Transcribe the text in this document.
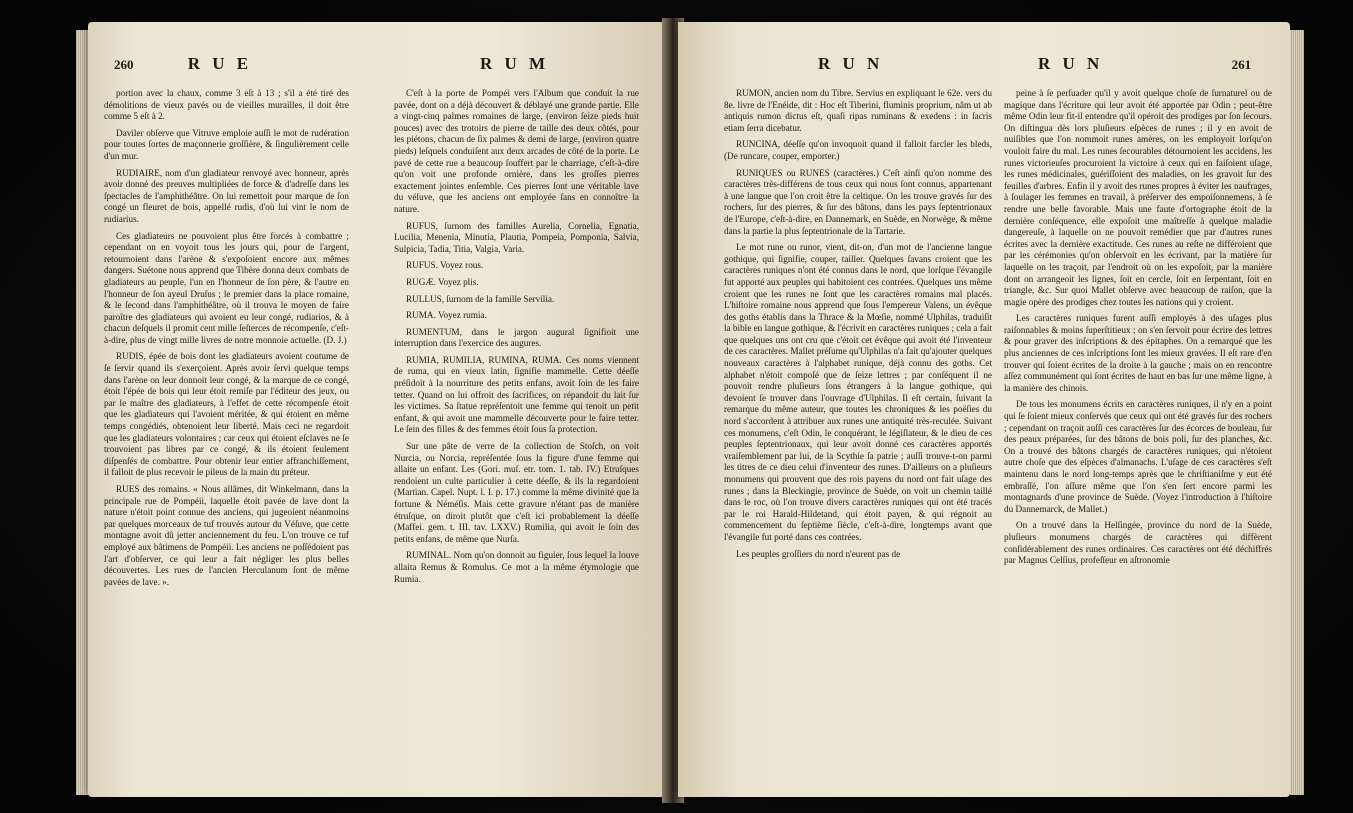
260	R U E	R U M

portion avec la chaux, comme 3 eſt à 13 ; s'il a été tiré des démolitions de vieux pavés ou de vieilles murailles, il doit être comme 5 eſt à 2.

Daviler obſerve que Vitruve emploie auſſi le mot de rudération pour toutes ſortes de maçonnerie groſſière, & ſingulièrement celle d'un mur.

RUDIAIRE, nom d'un gladiateur renvoyé avec honneur, après avoir donné des preuves multipliées de force & d'adreſſe dans les ſpectacles de l'amphithéâtre. On lui remettoit pour marque de ſon congé un fleuret de bois, appellé rudis, d'où lui vint le nom de rudiarius.

Ces gladiateurs ne pouvoient plus être forcés à combattre ; cependant on en voyoit tous les jours qui, pour de l'argent, retournoient dans l'arène & s'expoſoient encore aux mêmes dangers. Suétone nous apprend que Tibère donna deux combats de gladiateurs au peuple, l'un en l'honneur de ſon père, & l'autre en l'honneur de ſon ayeul Druſus ; le premier dans la place romaine, & le ſecond dans l'amphithéâtre, où il trouva le moyen de faire paroître des gladiateurs qui avoient eu leur congé, rudiarios, & à chacun deſquels il promit cent mille ſeſterces de récompenſe, c'eſt-à-dire, plus de vingt mille livres de notre monnoie actuelle. (D. J.)

RUDIS, épée de bois dont les gladiateurs avoient coutume de ſe ſervir quand ils s'exerçoient. Après avoir ſervi quelque temps dans l'arène on leur donnoit leur congé, & la marque de ce congé, étoit l'épée de bois qui leur étoit remiſe par l'éditeur des jeux, ou par le maître des gladiateurs, à l'effet de cette récompenſe étoit que les gladiateurs qui l'avoient méritée, & qui étoient en même temps congédiés, obtenoient leur liberté. Mais ceci ne regardoit que les gladiateurs volontaires ; car ceux qui étoient eſclaves ne ſe trouvoient pas libres par ce congé, & ils étoient ſeulement diſpenſés de combattre. Pour obtenir leur entier affranchiſſement, il falloit de plus recevoir le pileus de la main du préteur.

RUES des romains. « Nous allâmes, dit Winkelmann, dans la principale rue de Pompéii, laquelle étoit pavée de lave dont la nature n'étoit point connue des anciens, qui jugeoient néanmoins par quelques morceaux de tuf trouvés autour du Véſuve, que cette montagne avoit dû jetter anciennement du feu. L'on trouve ce tuf employé aux bâtimens de Pompéii. Les anciens ne poſſédoient pas l'art d'obſerver, ce qui leur a fait négliger les plus belles découvertes. Les rues de l'ancien Herculanum ſont de même pavées de lave. ».

C'eſt à la porte de Pompéi vers l'Album que conduit la rue pavée, dont on a déjà découvert & déblayé une grande partie. Elle a vingt-cinq palmes romaines de large, (environ ſeize pieds huit pouces) avec des trotoirs de pierre de taille des deux côtés, pour les piétons, chacun de ſix palmes & demi de large, (environ quatre pieds) leſquels conduiſent aux deux arcades de côté de la porte. Le pavé de cette rue a beaucoup ſouffert par le charriage, c'eſt-à-dire qu'on voit une profonde ornière, dans les groſſes pierres exactement jointes enſemble. Ces pierres ſont une véritable lave du véſuve, que les anciens ont employée ſans en connoître la nature.

RUFUS, ſurnom des familles Aurelia, Cornelia, Egnatia, Lucilia, Menenia, Minutia, Plautia, Pompeia, Pomponia, Salvia, Sulpicia, Tadia, Titia, Valgia, Varia.

RUFUS. Voyez rous.

RUGÆ. Voyez plis.

RULLUS, ſurnom de la famille Servilia.

RUMA. Voyez rumia.

RUMENTUM, dans le jargon augural ſignifioit une interruption dans l'exercice des augures.

RUMIA, RUMILIA, RUMINA, RUMA. Ces noms viennent de ruma, qui en vieux latin, ſignifie mammelle. Cette déeſſe préſidoit à la nourriture des petits enfans, avoit ſoin de les faire tetter. Quand on lui offroit des ſacrifices, on répandoit du lait ſur les victimes. Sa ſtatue repréſentoit une femme qui tenoit un petit enfant, & qui avoit une mammelle découverte pour le faire tetter. Le ſein des filles & des femmes étoit ſous ſa protection.

Sur une pâte de verre de la collection de Stoſch, on voit Nurcia, ou Norcia, repréſentée ſous la figure d'une femme qui allaite un enfant. Les (Gori. muſ. etr. tom. 1. tab. IV.) Etruſques rendoient un culte particulier à cette déeſſe, & ils la regardoient (Martian. Capel. Nupt. l. I. p. 17.) comme la même divinité que la fortune & Néméſis. Mais cette gravure n'étant pas de manière étruſque, on diroit plutôt que c'eſt ici probablement la déeſſe (Maffei. gem. t. III. tav. LXXV.) Rumilia, qui avoit le ſoin des petits enfans, de même que Nurſa.

RUMINAL. Nom qu'on donnoit au figuier, ſous lequel la louve allaita Remus & Romulus. Ce mot a la même étymologie que Rumia.

R U N	R U N	261

RUMON, ancien nom du Tibre. Servius en expliquant le 62e. vers du 8e. livre de l'Enéide, dit : Hoc eſt Tiberini, fluminis proprium, nâm ut ab antiquis rumon dictus eſt, quaſi ripas ruminans & exedens : in ſacris etiam ſerra dicebatur.

RUNCINA, déeſſe qu'on invoquoit quand il falloit farcler les bleds, (De runcare, couper, emporter.)

RUNIQUES ou RUNES (caractères.) C'eſt ainſi qu'on nomme des caractères très-différens de tous ceux qui nous ſont connus, appartenant à une langue que l'on croit être la celtique. On les trouve gravés ſur des rochers, ſur des pierres, & ſur des bâtons, dans les pays ſeptentrionaux de l'Europe, c'eſt-à-dire, en Dannemark, en Suède, en Norwège, & même dans la partie la plus ſeptentrionale de la Tartarie.

Le mot rune ou runor, vient, dit-on, d'un mot de l'ancienne langue gothique, qui ſignifie, couper, tailler. Quelques ſavans croient que les caractères runiques n'ont été connus dans le nord, que lorſque l'évangile fut apporté aux peuples qui habitoient ces contrées. Quelques uns même croient que les runes ne ſont que les caractères romains mal placés. L'hiſtoire romaine nous apprend que ſous l'empereur Valens, un évêque des goths établis dans la Thrace & la Mœſie, nommé Ulphilas, traduiſit la bible en langue gothique, & l'écrivit en caractères runiques ; cela a fait que quelques uns ont cru que c'étoit cet évêque qui avoit été l'inventeur de ces caractères. Mallet préſume qu'Ulphilas n'a fait qu'ajouter quelques nouveaux caractères à l'alphabet runique, déjà connu des goths. Cet alphabet n'étoit compoſé que de ſeize lettres ; par conſéquent il ne pouvoit rendre pluſieurs ſons étrangers à la langue gothique, qui devoient ſe trouver dans l'ouvrage d'Ulphilas. Il eſt certain, ſuivant la remarque du même auteur, que toutes les chroniques & les poëſies du nord s'accordent à attribuer aux runes une antiquité très-reculée. Suivant ces monumens, c'eſt Odin, le conquérant, le légiſlateur, & le dieu de ces peuples ſeptentrionaux, qui leur avoit donné ces caractères apportés vraiſemblement par lui, de la Scythie ſa patrie ; auſſi trouve-t-on parmi les titres de ce dieu celui d'inventeur des runes. D'ailleurs on a pluſieurs monumens qui prouvent que des rois payens du nord ont fait uſage des runes ; dans la Bleckingie, province de Suède, on voit un chemin taillé dans le roc, où l'on trouve divers caractères runiques qui ont été tracés par le roi Harald-Hildetand, qui étoit payen, & qui régnoit au commencement du ſeptième ſiècle, c'eſt-à-dire, longtemps avant que l'évangile fut porté dans ces contrées.

Les peuples groſſiers du nord n'eurent pas de

peine à ſe perſuader qu'il y avoit quelque choſe de ſurnaturel ou de magique dans l'écriture qui leur avoit été apportée par Odin ; peut-être même Odin leur fit-il entendre qu'il opéroit des prodiges par ſon ſecours. On diſtingua dès lors pluſieurs eſpèces de runes ; il y en avoit de nuiſibles que l'on nommoit runes amères, on les employoit lorſqu'on vouloit faire du mal. Les runes ſecourables détournoient les accidens, les runes victorieuſes procuroient la victoire à ceux qui en faiſoient uſage, les runes médicinales, guériſſoient des maladies, on les gravoit ſur des feuilles d'arbres. Enfin il y avoit des runes propres à éviter les naufrages, à ſoulager les femmes en travail, à préſerver des empoiſonnemens, à ſe rendre une belle favorable. Mais une faute d'ortographe étoit de la dernière conſéquence, elle expoſoit une maîtreſſe à quelque maladie dangereuſe, à laquelle on ne pouvoit remédier que par d'autres runes écrites avec la dernière exactitude. Ces runes au reſte ne différoient que par les cérémonies qu'on obſervoit en les écrivant, par la matière ſur laquelle on les traçoit, par l'endroit où on les expoſoit, par la manière dont on arrangeoit les lignes, ſoit en cercle, ſoit en ſerpentant, ſoit en triangle, &c. Sur quoi Mallet obſerve avec beaucoup de raiſon, que la magie opère des prodiges chez toutes les nations qui y croient.

Les caractères runiques furent auſſi employés à des uſages plus raiſonnables & moins ſuperſtitieux ; on s'en ſervoit pour écrire des lettres & pour graver des inſcriptions & des épitaphes. On a remarqué que les plus anciennes de ces inſcriptions ſont les mieux gravées. Il eſt rare d'en trouver qui ſoient écrites de la droite à la gauche ; mais on en rencontre aſſez communément qui ſont écrites de haut en bas ſur une même ligne, à la manière des chinois.

De tous les monumens écrits en caractères runiques, il n'y en a point qui ſe ſoient mieux conſervés que ceux qui ont été gravés ſur des rochers ; cependant on traçoit auſſi ces caractères ſur des écorces de bouleau, ſur des peaux préparées, ſur des bâtons de bois poli, ſur des planches, &c. On a trouvé des bâtons chargés de caractères runiques, qui n'étoient autre choſe que des eſpèces d'almanachs. L'uſage de ces caractères s'eſt maintenu dans le nord long-temps après que le chriſtianiſme y eut été embraſſé, l'on aſſure même que l'on s'en ſert encore parmi les montagnards d'une province de Suède. (Voyez l'introduction à l'hiſtoire du Dannemarck, de Mallet.)

On a trouvé dans la Helſingée, province du nord de la Suède, pluſieurs monumens chargés de caractères qui diffèrent conſidérablement des runes ordinaires. Ces caractères ont été déchiffrés par Magnus Celſius, profeſſeur en aſtronomie
